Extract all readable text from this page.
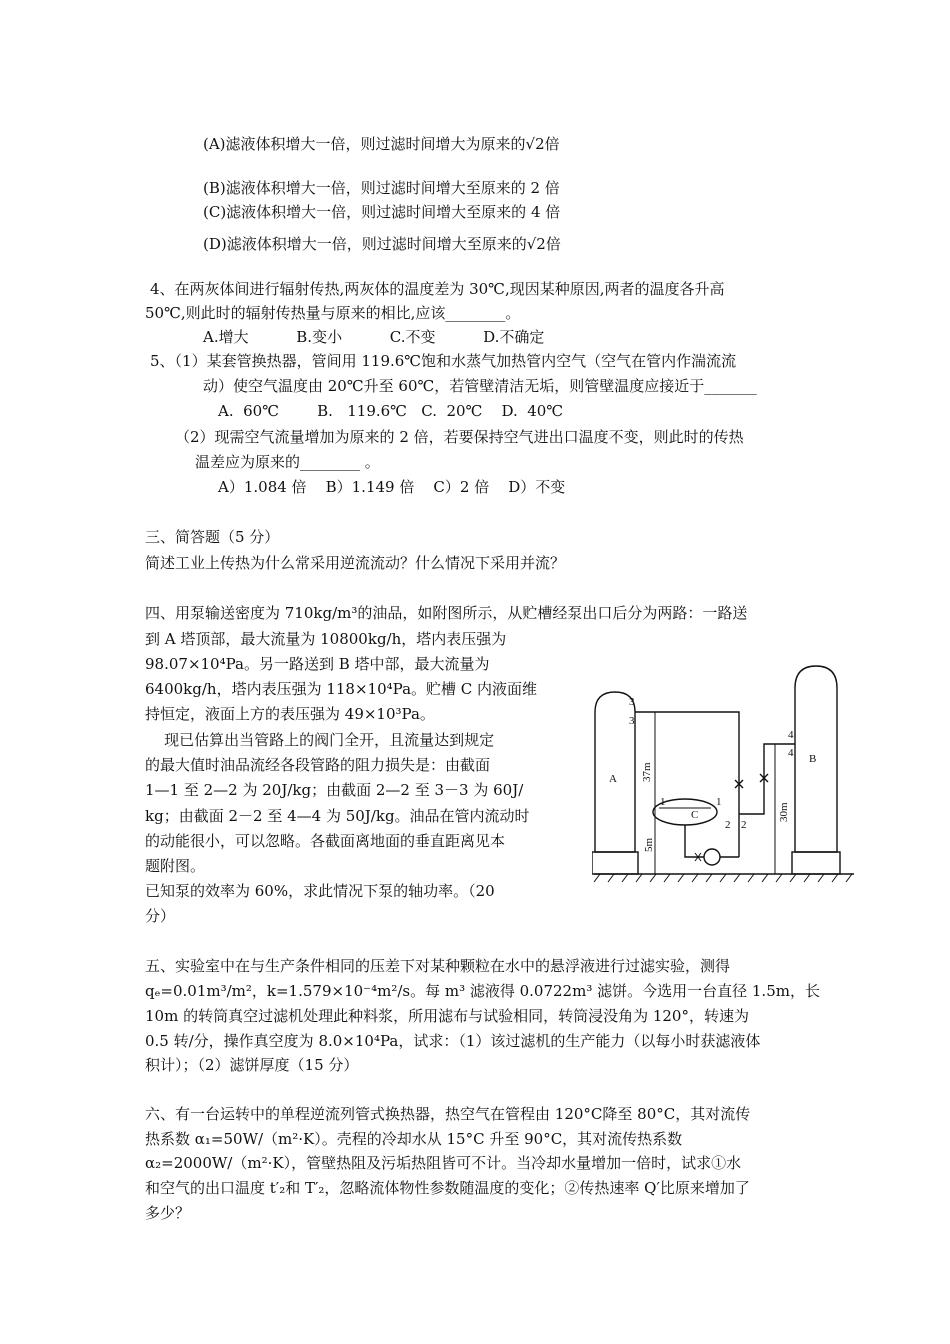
(A)滤液体积增大一倍，则过滤时间增大为原来的√2倍
(B)滤液体积增大一倍，则过滤时间增大至原来的 2 倍
(C)滤液体积增大一倍，则过滤时间增大至原来的 4 倍
(D)滤液体积增大一倍，则过滤时间增大至原来的√2倍
4、在两灰体间进行辐射传热,两灰体的温度差为 30℃,现因某种原因,两者的温度各升高
50℃,则此时的辐射传热量与原来的相比,应该________。
A.增大          B.变小          C.不变          D.不确定
5、（1）某套管换热器，管间用 119.6℃饱和水蒸气加热管内空气（空气在管内作湍流流
动）使空气温度由 20℃升至 60℃，若管壁清洁无垢，则管壁温度应接近于_______
A.  60℃        B.   119.6℃   C.  20℃    D.  40℃
（2）现需空气流量增加为原来的 2 倍，若要保持空气进出口温度不变，则此时的传热
温差应为原来的________ 。
A）1.084 倍    B）1.149 倍    C）2 倍    D）不变
三、简答题（5 分）
简述工业上传热为什么常采用逆流流动？什么情况下采用并流？
四、用泵输送密度为 710kg/m³的油品，如附图所示，从贮槽经泵出口后分为两路：一路送
到 A 塔顶部，最大流量为 10800kg/h，塔内表压强为
98.07×10⁴Pa。另一路送到 B 塔中部，最大流量为
6400kg/h，塔内表压强为 118×10⁴Pa。贮槽 C 内液面维
持恒定，液面上方的表压强为 49×10³Pa。
现已估算出当管路上的阀门全开，且流量达到规定
的最大值时油品流经各段管路的阻力损失是：由截面
1—1 至 2—2 为 20J/kg；由截面 2—2 至 3－3 为 60J/
kg；由截面 2－2 至 4—4 为 50J/kg。油品在管内流动时
的动能很小，可以忽略。各截面离地面的垂直距离见本
题附图。
已知泵的效率为 60%，求此情况下泵的轴功率。（20
分）
A
B
C
37m
30m
5m
1	1
2 2
3
3
4
4
五、实验室中在与生产条件相同的压差下对某种颗粒在水中的悬浮液进行过滤实验，测得
qₑ=0.01m³/m²，k=1.579×10⁻⁴m²/s。每 m³ 滤液得 0.0722m³ 滤饼。今选用一台直径 1.5m，长
10m 的转筒真空过滤机处理此种料浆，所用滤布与试验相同，转筒浸没角为 120°，转速为
0.5 转/分，操作真空度为 8.0×10⁴Pa，试求：（1）该过滤机的生产能力（以每小时获滤液体
积计）；（2）滤饼厚度（15 分）
六、有一台运转中的单程逆流列管式换热器，热空气在管程由 120°C降至 80°C，其对流传
热系数 α₁=50W/（m²·K）。壳程的冷却水从 15°C 升至 90°C，其对流传热系数
α₂=2000W/（m²·K），管壁热阻及污垢热阻皆可不计。当冷却水量增加一倍时，试求①水
和空气的出口温度 t′₂和 T′₂，忽略流体物性参数随温度的变化；②传热速率 Q′比原来增加了
多少？
